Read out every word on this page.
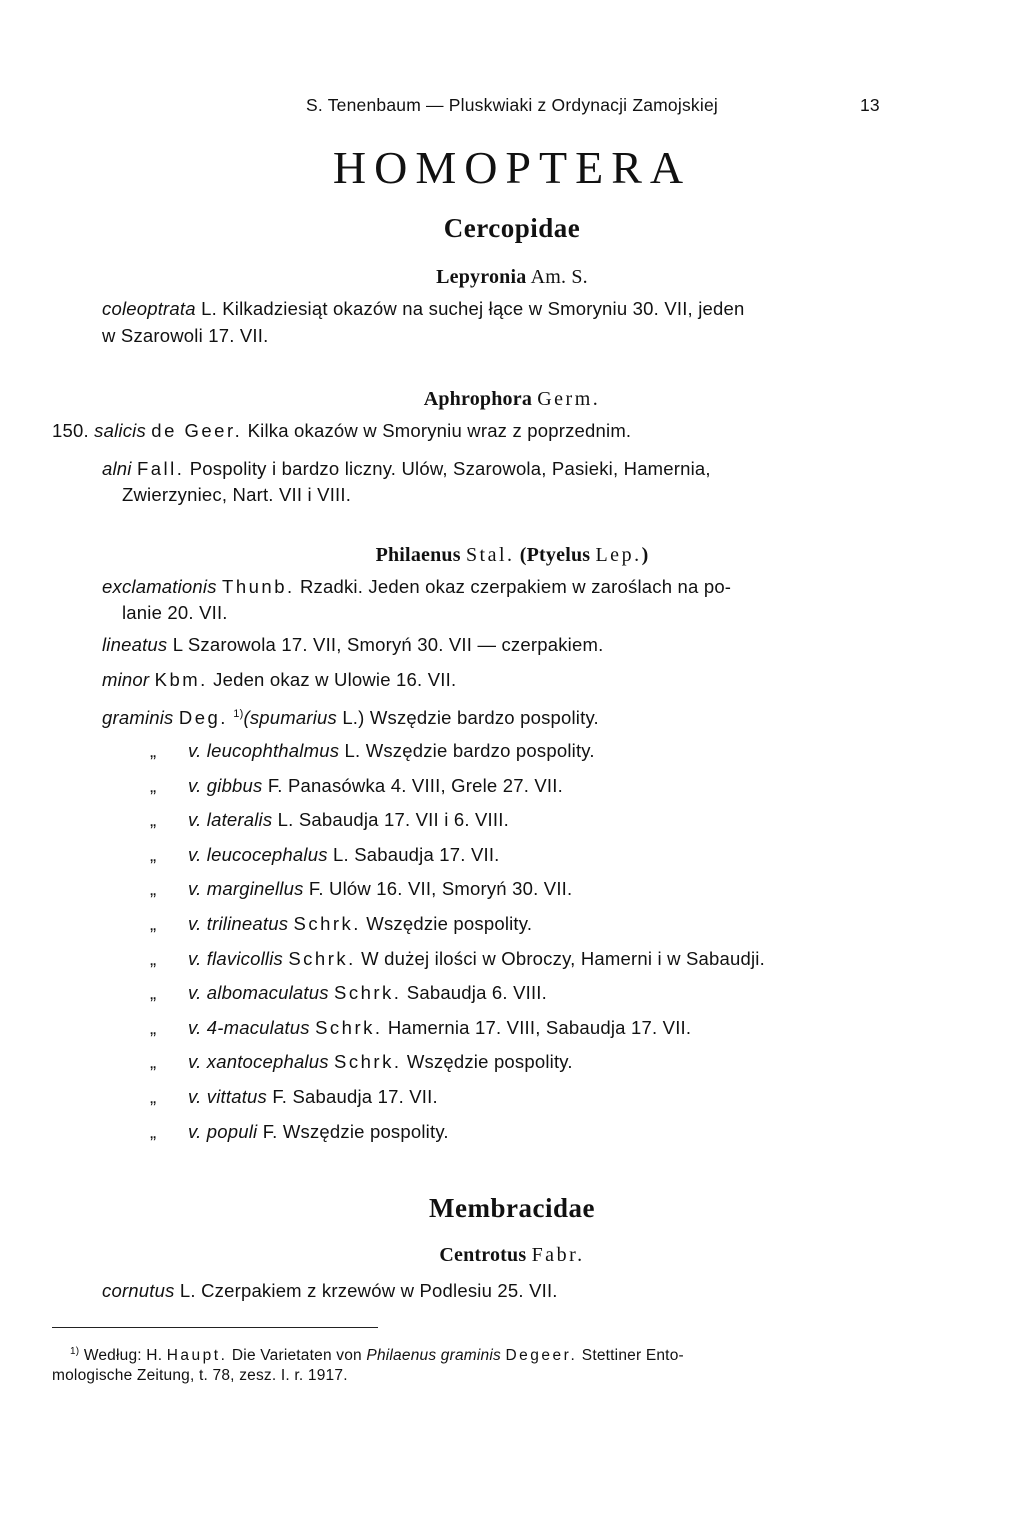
S. Tenenbaum — Pluskwiaki z Ordynacji Zamojskiej	13
HOMOPTERA
Cercopidae
Lepyronia Am. S.
coleoptrata L. Kilkadziesiąt okazów na suchej łące w Smoryniu 30. VII, jeden
w Szarowoli 17. VII.
Aphrophora Germ.
150. salicis de Geer. Kilka okazów w Smoryniu wraz z poprzednim.
alni Fall. Pospolity i bardzo liczny. Ulów, Szarowola, Pasieki, Hamernia,
Zwierzyniec, Nart. VII i VIII.
Philaenus Stal. (Ptyelus Lep.)
exclamationis Thunb. Rzadki. Jeden okaz czerpakiem w zaroślach na po-
lanie 20. VII.
lineatus L Szarowola 17. VII, Smoryń 30. VII — czerpakiem.
minor Kbm. Jeden okaz w Ulowie 16. VII.
graminis Deg. $^{1)}$(spumarius L.) Wszędzie bardzo pospolity.
„ v. leucophthalmus L. Wszędzie bardzo pospolity.
„ v. gibbus F. Panasówka 4. VIII, Grele 27. VII.
„ v. lateralis L. Sabaudja 17. VII i 6. VIII.
„ v. leucocephalus L. Sabaudja 17. VII.
„ v. marginellus F. Ulów 16. VII, Smoryń 30. VII.
„ v. trilineatus Schrk. Wszędzie pospolity.
„ v. flavicollis Schrk. W dużej ilości w Obroczy, Hamerni i w Sabaudji.
„ v. albomaculatus Schrk. Sabaudja 6. VIII.
„ v. 4-maculatus Schrk. Hamernia 17. VIII, Sabaudja 17. VII.
„ v. xantocephalus Schrk. Wszędzie pospolity.
„ v. vittatus F. Sabaudja 17. VII.
„ v. populi F. Wszędzie pospolity.
Membracidae
Centrotus Fabr.
cornutus L. Czerpakiem z krzewów w Podlesiu 25. VII.
$^{1)}$ Według: H. Haupt. Die Varietaten von Philaenus graminis Degeer. Stettiner Ento-
mologische Zeitung, t. 78, zesz. I. r. 1917.
